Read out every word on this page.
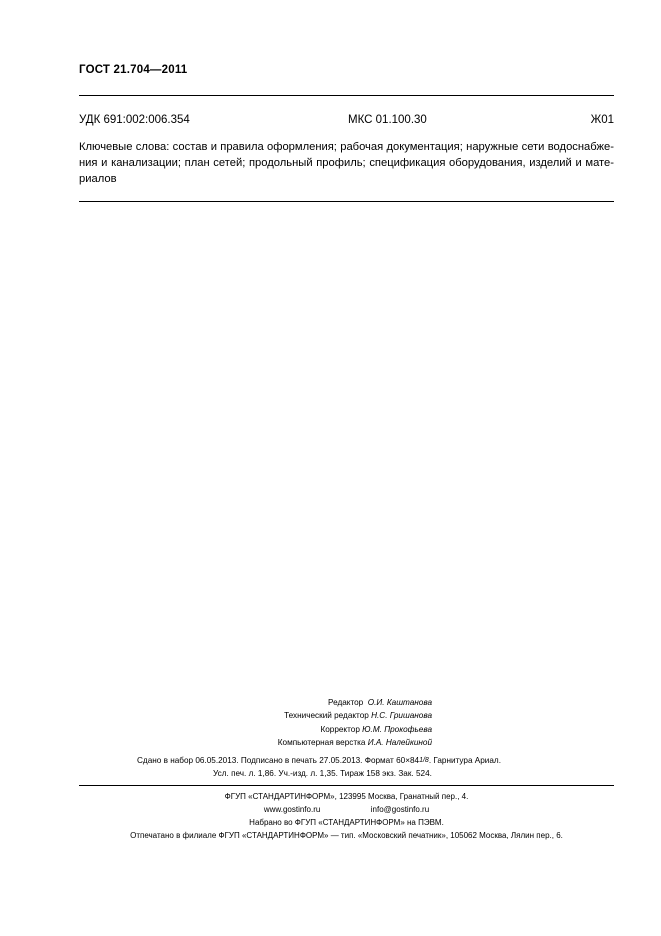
ГОСТ 21.704—2011
УДК 691:002:006.354	МКС 01.100.30	Ж01
Ключевые слова: состав и правила оформления; рабочая документация; наружные сети водоснабже-
ния и канализации; план сетей; продольный профиль; спецификация оборудования, изделий и мате-
риалов
Редактор О.И. Каштанова
Технический редактор Н.С. Гришанова
Корректор Ю.М. Прокофьева
Компьютерная верстка И.А. Налейкиной
Сдано в набор 06.05.2013. Подписано в печать 27.05.2013. Формат 60×841/8. Гарнитура Ариал.
Усл. печ. л. 1,86. Уч.-изд. л. 1,35. Тираж 158 экз. Зак. 524.
ФГУП «СТАНДАРТИНФОРМ», 123995 Москва, Гранатный пер., 4.
www.gostinfo.ru	info@gostinfo.ru
Набрано во ФГУП «СТАНДАРТИНФОРМ» на ПЭВМ.
Отпечатано в филиале ФГУП «СТАНДАРТИНФОРМ» — тип. «Московский печатник», 105062 Москва, Лялин пер., 6.
